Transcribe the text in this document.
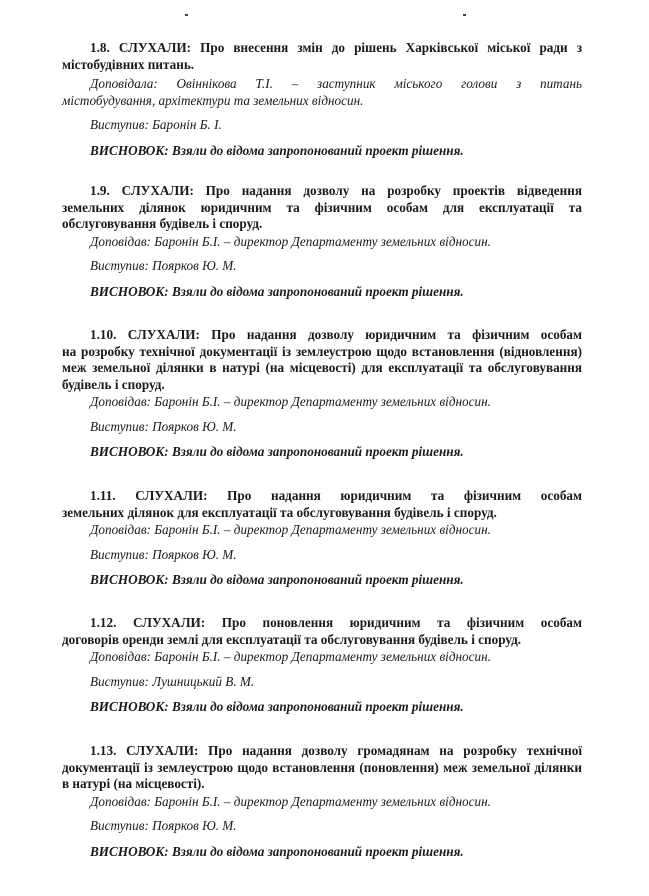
1.8. СЛУХАЛИ: Про внесення змін до рішень Харківської міської ради з
містобудівних питань.

Доповідала: Овіннікова Т.І. – заступник міського голови з питань
містобудування, архітектури та земельних відносин.

Виступив: Баронін Б. І.

ВИСНОВОК: Взяли до відома запропонований проект рішення.

1.9. СЛУХАЛИ: Про надання дозволу на розробку проектів відведення
земельних ділянок юридичним та фізичним особам для експлуатації та обслуговування будівель і споруд.

Доповідав: Баронін Б.І. – директор Департаменту земельних відносин.

Виступив: Поярков Ю. М.

ВИСНОВОК: Взяли до відома запропонований проект рішення.

1.10. СЛУХАЛИ: Про надання дозволу юридичним та фізичним особам
на розробку технічної документації із землеустрою щодо встановлення (відновлення) меж земельної ділянки в натурі (на місцевості) для експлуатації та обслуговування будівель і споруд.

Доповідав: Баронін Б.І. – директор Департаменту земельних відносин.

Виступив: Поярков Ю. М.

ВИСНОВОК: Взяли до відома запропонований проект рішення.

1.11. СЛУХАЛИ: Про надання юридичним та фізичним особам
земельних ділянок для експлуатації та обслуговування будівель і споруд.

Доповідав: Баронін Б.І. – директор Департаменту земельних відносин.

Виступив: Поярков Ю. М.

ВИСНОВОК: Взяли до відома запропонований проект рішення.

1.12. СЛУХАЛИ: Про поновлення юридичним та фізичним особам
договорів оренди землі для експлуатації та обслуговування будівель і споруд.

Доповідав: Баронін Б.І. – директор Департаменту земельних відносин.

Виступив: Лушницький В. М.

ВИСНОВОК: Взяли до відома запропонований проект рішення.

1.13. СЛУХАЛИ: Про надання дозволу громадянам на розробку технічної
документації із землеустрою щодо встановлення (поновлення) меж земельної ділянки в натурі (на місцевості).

Доповідав: Баронін Б.І. – директор Департаменту земельних відносин.

Виступив: Поярков Ю. М.

ВИСНОВОК: Взяли до відома запропонований проект рішення.
